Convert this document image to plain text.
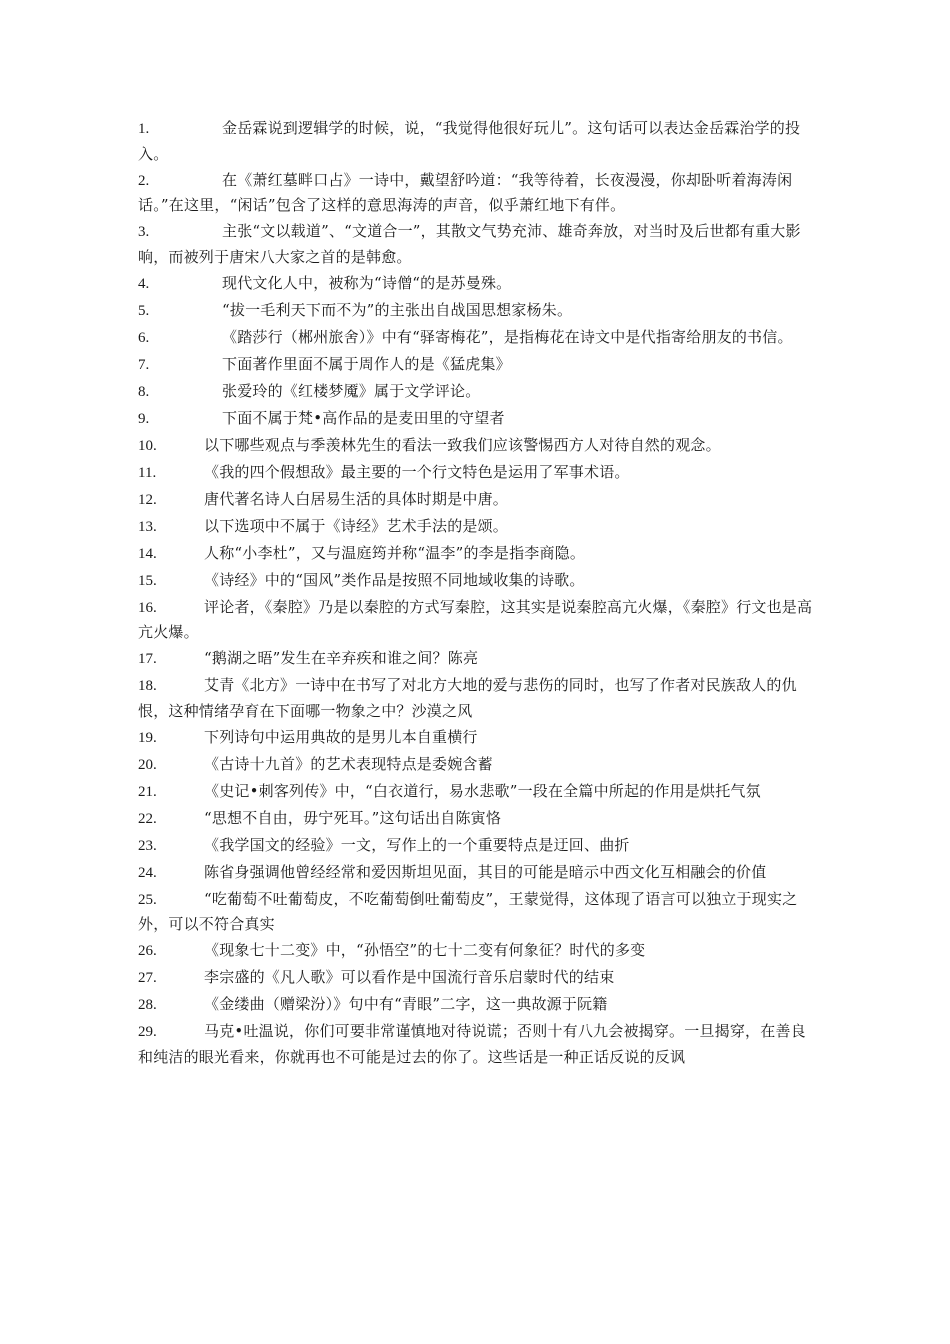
1.	金岳霖说到逻辑学的时候，说，“我觉得他很好玩儿”。这句话可以表达金岳霖治学的投入。
2.	在《萧红墓畔口占》一诗中，戴望舒吟道：“我等待着，长夜漫漫，你却卧听着海涛闲话。”在这里，“闲话”包含了这样的意思海涛的声音，似乎萧红地下有伴。
3.	主张“文以载道”、“文道合一”，其散文气势充沛、雄奇奔放，对当时及后世都有重大影响，而被列于唐宋八大家之首的是韩愈。
4.	现代文化人中，被称为“诗僧“的是苏曼殊。
5.	“拔一毛利天下而不为”的主张出自战国思想家杨朱。
6.	《踏莎行（郴州旅舍）》中有“驿寄梅花”，是指梅花在诗文中是代指寄给朋友的书信。
7.	下面著作里面不属于周作人的是《猛虎集》
8.	张爱玲的《红楼梦魇》属于文学评论。
9.	下面不属于梵•高作品的是麦田里的守望者
10.	以下哪些观点与季羡林先生的看法一致我们应该警惕西方人对待自然的观念。
11.	《我的四个假想敌》最主要的一个行文特色是运用了军事术语。
12.	唐代著名诗人白居易生活的具体时期是中唐。
13.	以下选项中不属于《诗经》艺术手法的是颂。
14.	人称“小李杜”，又与温庭筠并称“温李”的李是指李商隐。
15.	《诗经》中的“国风”类作品是按照不同地域收集的诗歌。
16.	评论者，《秦腔》乃是以秦腔的方式写秦腔，这其实是说秦腔高亢火爆，《秦腔》行文也是高亢火爆。
17.	“鹅湖之晤”发生在辛弃疾和谁之间？陈亮
18.	艾青《北方》一诗中在书写了对北方大地的爱与悲伤的同时，也写了作者对民族敌人的仇恨，这种情绪孕育在下面哪一物象之中？沙漠之风
19.	下列诗句中运用典故的是男儿本自重横行
20.	《古诗十九首》的艺术表现特点是委婉含蓄
21.	《史记•刺客列传》中，“白衣道行，易水悲歌”一段在全篇中所起的作用是烘托气氛
22.	“思想不自由，毋宁死耳。”这句话出自陈寅恪
23.	《我学国文的经验》一文，写作上的一个重要特点是迂回、曲折
24.	陈省身强调他曾经经常和爱因斯坦见面，其目的可能是暗示中西文化互相融会的价值
25.	“吃葡萄不吐葡萄皮，不吃葡萄倒吐葡萄皮”，王蒙觉得，这体现了语言可以独立于现实之外，可以不符合真实
26.	《现象七十二变》中，“孙悟空”的七十二变有何象征？时代的多变
27.	李宗盛的《凡人歌》可以看作是中国流行音乐启蒙时代的结束
28.	《金缕曲（赠梁汾）》句中有“青眼”二字，这一典故源于阮籍
29.	马克•吐温说，你们可要非常谨慎地对待说谎；否则十有八九会被揭穿。一旦揭穿，在善良和纯洁的眼光看来，你就再也不可能是过去的你了。这些话是一种正话反说的反讽
